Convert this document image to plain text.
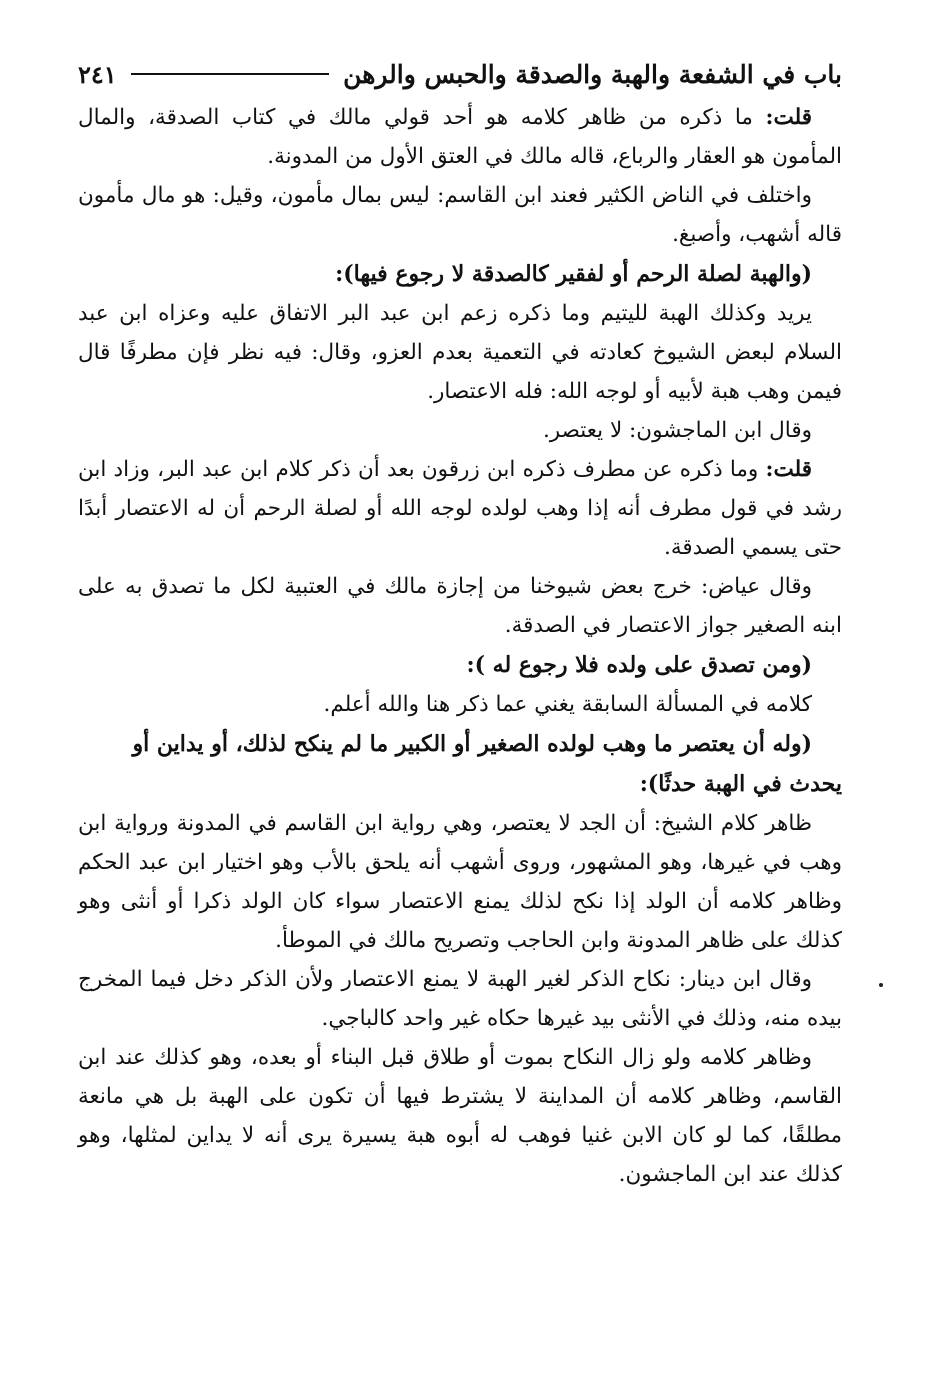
باب في الشفعة والهبة والصدقة والحبس والرهن
٢٤١

قلت: ما ذكره من ظاهر كلامه هو أحد قولي مالك في كتاب الصدقة، والمال المأمون هو العقار والرباع، قاله مالك في العتق الأول من المدونة.

واختلف في الناض الكثير فعند ابن القاسم: ليس بمال مأمون، وقيل: هو مال مأمون قاله أشهب، وأصبغ.

(والهبة لصلة الرحم أو لفقير كالصدقة لا رجوع فيها):

يريد وكذلك الهبة لليتيم وما ذكره زعم ابن عبد البر الاتفاق عليه وعزاه ابن عبد السلام لبعض الشيوخ كعادته في التعمية بعدم العزو، وقال: فيه نظر فإن مطرفًا قال فيمن وهب هبة لأبيه أو لوجه الله: فله الاعتصار.

وقال ابن الماجشون: لا يعتصر.

قلت: وما ذكره عن مطرف ذكره ابن زرقون بعد أن ذكر كلام ابن عبد البر، وزاد ابن رشد في قول مطرف أنه إذا وهب لولده لوجه الله أو لصلة الرحم أن له الاعتصار أبدًا حتى يسمي الصدقة.

وقال عياض: خرج بعض شيوخنا من إجازة مالك في العتبية لكل ما تصدق به على ابنه الصغير جواز الاعتصار في الصدقة.

(ومن تصدق على ولده فلا رجوع له ):

كلامه في المسألة السابقة يغني عما ذكر هنا والله أعلم.

(وله أن يعتصر ما وهب لولده الصغير أو الكبير ما لم ينكح لذلك، أو يداين أو يحدث في الهبة حدثًا):

ظاهر كلام الشيخ: أن الجد لا يعتصر، وهي رواية ابن القاسم في المدونة ورواية ابن وهب في غيرها، وهو المشهور، وروى أشهب أنه يلحق بالأب وهو اختيار ابن عبد الحكم وظاهر كلامه أن الولد إذا نكح لذلك يمنع الاعتصار سواء كان الولد ذكرا أو أنثى وهو كذلك على ظاهر المدونة وابن الحاجب وتصريح مالك في الموطأ.

وقال ابن دينار: نكاح الذكر لغير الهبة لا يمنع الاعتصار ولأن الذكر دخل فيما المخرج بيده منه، وذلك في الأنثى بيد غيرها حكاه غير واحد كالباجي.

وظاهر كلامه ولو زال النكاح بموت أو طلاق قبل البناء أو بعده، وهو كذلك عند ابن القاسم، وظاهر كلامه أن المداينة لا يشترط فيها أن تكون على الهبة بل هي مانعة مطلقًا، كما لو كان الابن غنيا فوهب له أبوه هبة يسيرة يرى أنه لا يداين لمثلها، وهو كذلك عند ابن الماجشون.
